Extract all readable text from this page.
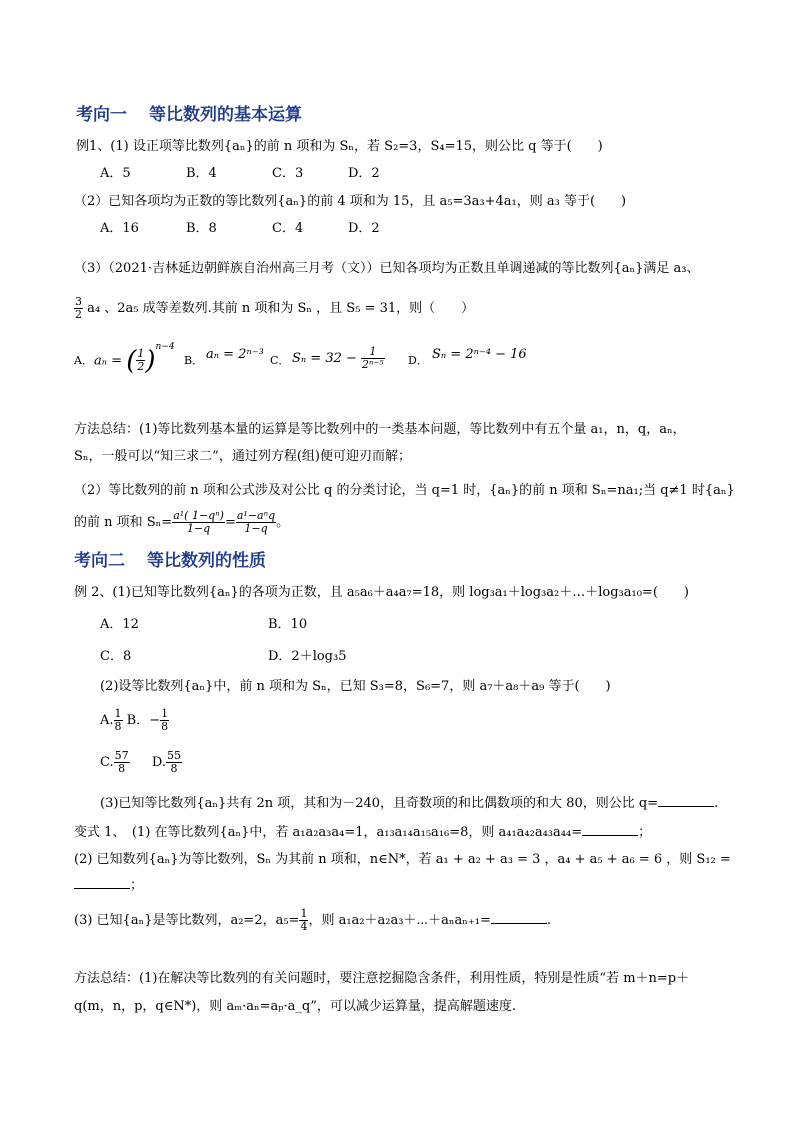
考向一 等比数列的基本运算
例1、(1) 设正项等比数列{aₙ}的前 n 项和为 Sₙ，若 S₂=3，S₄=15，则公比 q 等于(　　)
A．5	B．4	C．3	D．2
（2）已知各项均为正数的等比数列{aₙ}的前 4 项和为 15，且 a₅=3a₃+4a₁，则 a₃ 等于(　　)
A．16	B．8	C．4	D．2
（3）（2021·吉林延边朝鲜族自治州高三月考（文））已知各项均为正数且单调递减的等比数列{aₙ}满足 a₃、
$\frac{3}{2} a_4$ 、2a₅ 成等差数列.其前 n 项和为 Sₙ ，且 S₅ = 31，则（　　）
A． aₙ = ( $\frac{1}{2} )^{n-4}$
B． aₙ = 2ⁿ⁻³ C． $S_n = 32 - \frac{1}{\text{2ⁿ⁻⁵}}$ D． Sₙ = 2ⁿ⁻⁴ − 16
方法总结：(1)等比数列基本量的运算是等比数列中的一类基本问题，等比数列中有五个量 a₁，n，q，aₙ，
Sₙ，一般可以“知三求二”，通过列方程(组)便可迎刃而解；
（2）等比数列的前 n 项和公式涉及对公比 q 的分类讨论，当 q=1 时，{aₙ}的前 n 项和 Sₙ=na₁;当 q≠1 时{aₙ}
的前 n 项和 $S_n= \frac{\text{a¹( 1−qⁿ)}}{1-q} = \frac{\text{a¹−aⁿq}}{1-q}$ 。
考向二 等比数列的性质
例 2、(1)已知等比数列{aₙ}的各项为正数，且 a₅a₆＋a₄a₇=18，则 log₃a₁＋log₃a₂＋…＋log₃a₁₀=(　　)
A．12	B．10
C．8	D．2＋log₃5
(2)设等比数列{aₙ}中，前 n 项和为 Sₙ，已知 S₃=8，S₆=7，则 a₇＋a₈＋a₉ 等于(　　)
A. $\frac{1}{8}$ B．− $\frac{1}{8}$
C. $\frac{57}{8} D$. $\frac{55}{8}$
(3)已知等比数列{aₙ}共有 2n 项，其和为－240，且奇数项的和比偶数项的和大 80，则公比 q=	.
变式 1、　(1) 在等比数列{aₙ}中，若 a₁a₂a₃a₄=1，a₁₃a₁₄a₁₅a₁₆=8，则 a₄₁a₄₂a₄₃a₄₄=	；
(2) 已知数列{aₙ}为等比数列，Sₙ 为其前 n 项和，n∈N*，若 a₁ + a₂ + a₃ = 3 ，a₄ + a₅ + a₆ = 6 ，则 S₁₂ =
；
(3) 已知{aₙ}是等比数列，a₂=2，$a_5= \frac{1}{4}$ ，则 a₁a₂＋a₂a₃＋⋯＋aₙaₙ₊₁=	.
方法总结：(1)在解决等比数列的有关问题时，要注意挖掘隐含条件，利用性质，特别是性质“若 m＋n=p＋
q(m，n，p，q∈N*)，则 aₘ·aₙ=aₚ·a_q”，可以减少运算量，提高解题速度.
